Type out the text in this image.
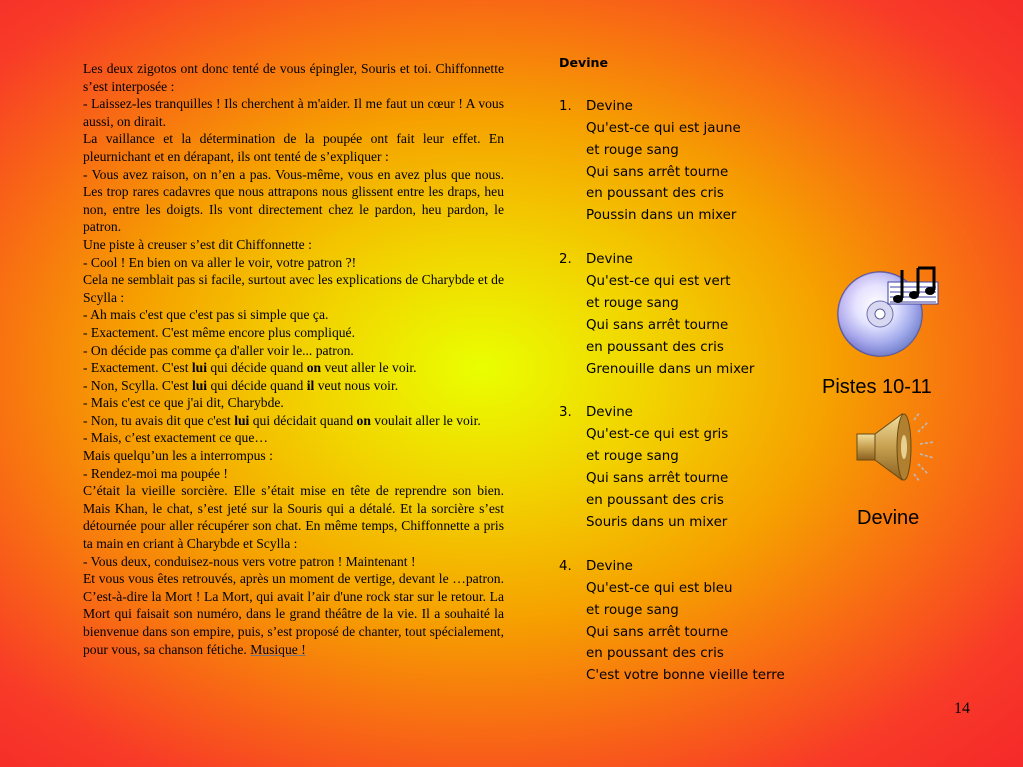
Les deux zigotos ont donc tenté de vous épingler, Souris et toi. Chiffonnette s’est interposée :

- Laissez-les tranquilles ! Ils cherchent à m'aider. Il me faut un cœur ! A vous aussi, on dirait.

La vaillance et la détermination de la poupée ont fait leur effet. En pleurnichant et en dérapant, ils ont tenté de s’expliquer :

- Vous avez raison, on n’en a pas. Vous-même, vous en avez plus que nous. Les trop rares cadavres que nous attrapons nous glissent entre les draps, heu non, entre les doigts. Ils vont directement chez le pardon, heu pardon, le patron.

Une piste à creuser s’est dit Chiffonnette :

- Cool ! En bien on va aller le voir, votre patron ?!

Cela ne semblait pas si facile, surtout avec les explications de Charybde et de Scylla :

- Ah mais c'est que c'est pas si simple que ça.

- Exactement. C'est même encore plus compliqué.

- On décide pas comme ça d'aller voir le... patron.

- Exactement. C'est lui qui décide quand on veut aller le voir.

- Non, Scylla. C'est lui qui décide quand il veut nous voir.

- Mais c'est ce que j'ai dit, Charybde.

- Non, tu avais dit que c'est lui qui décidait quand on voulait aller le voir.

- Mais, c’est exactement ce que…

Mais quelqu’un les a interrompus :

- Rendez-moi ma poupée !

C’était la vieille sorcière. Elle s’était mise en tête de reprendre son bien. Mais Khan, le chat, s’est jeté sur la Souris qui a détalé. Et la sorcière s’est détournée pour aller récupérer son chat. En même temps, Chiffonnette a pris ta main en criant à Charybde et Scylla :

- Vous deux, conduisez-nous vers votre patron ! Maintenant !

Et vous vous êtes retrouvés, après un moment de vertige, devant le …patron. C’est-à-dire la Mort ! La Mort, qui avait l’air d'une rock star sur le retour. La Mort qui faisait son numéro, dans le grand théâtre de la vie. Il a souhaité la bienvenue dans son empire, puis, s’est proposé de chanter, tout spécialement, pour vous, sa chanson fétiche. Musique !

Devine
1.	Devine
Qu'est-ce qui est jaune
et rouge sang
Qui sans arrêt tourne
en poussant des cris
Poussin dans un mixer
2.	Devine
Qu'est-ce qui est vert
et rouge sang
Qui sans arrêt tourne
en poussant des cris
Grenouille dans un mixer
3.	Devine
Qu'est-ce qui est gris
et rouge sang
Qui sans arrêt tourne
en poussant des cris
Souris dans un mixer
4.	Devine
Qu'est-ce qui est bleu
et rouge sang
Qui sans arrêt tourne
en poussant des cris
C'est votre bonne vieille terre
Pistes 10-11
Devine
14
